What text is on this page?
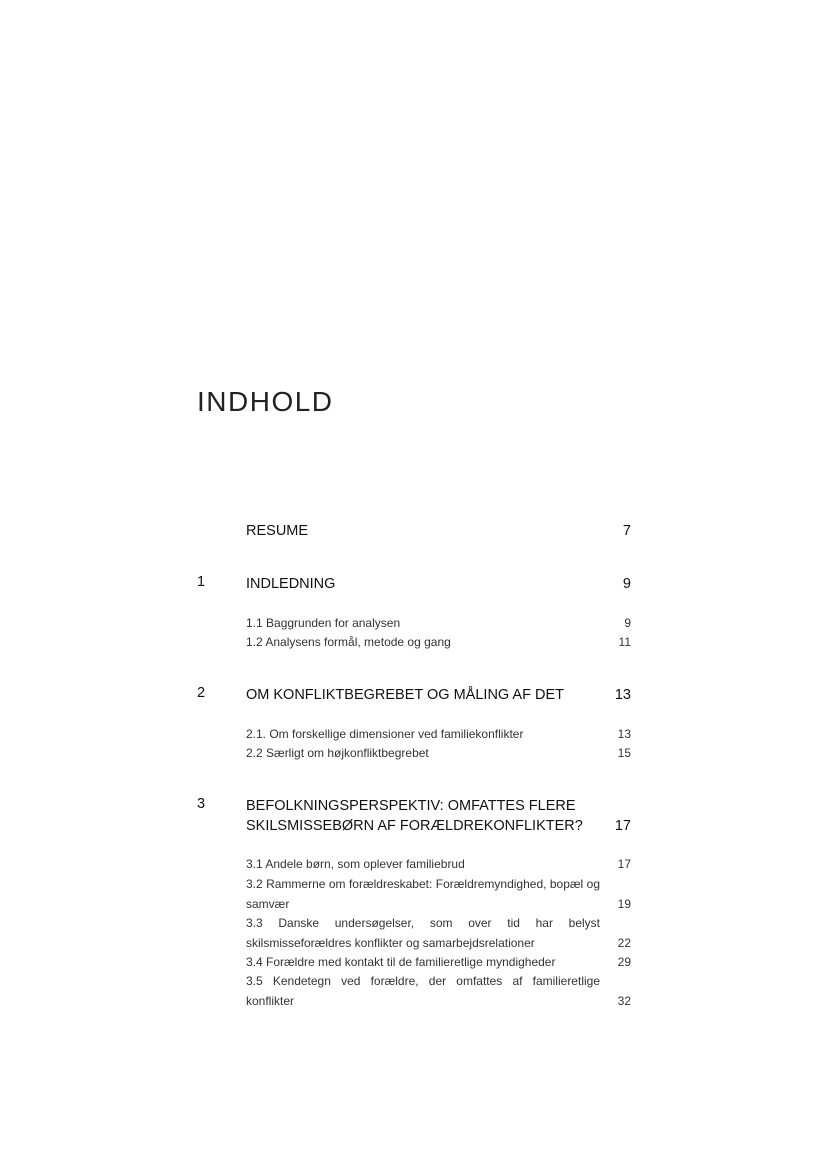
INDHOLD
RESUME	7
1	INDLEDNING	9
1.1 Baggrunden for analysen	9
1.2 Analysens formål, metode og gang	11
2	OM KONFLIKTBEGREBET OG MÅLING AF DET	13
2.1. Om forskellige dimensioner ved familiekonflikter	13
2.2 Særligt om højkonfliktbegrebet	15
3	BEFOLKNINGSPERSPEKTIV: OMFATTES FLERE SKILSMISSEBØRN AF FORÆLDREKONFLIKTER? 17
3.1 Andele børn, som oplever familiebrud	17
3.2 Rammerne om forældreskabet: Forældremyndighed, bopæl og samvær	19
3.3 Danske undersøgelser, som over tid har belyst skilsmisseforældres konflikter og samarbejdsrelationer	22
3.4 Forældre med kontakt til de familieretlige myndigheder	29
3.5 Kendetegn ved forældre, der omfattes af familieretlige konflikter	32
